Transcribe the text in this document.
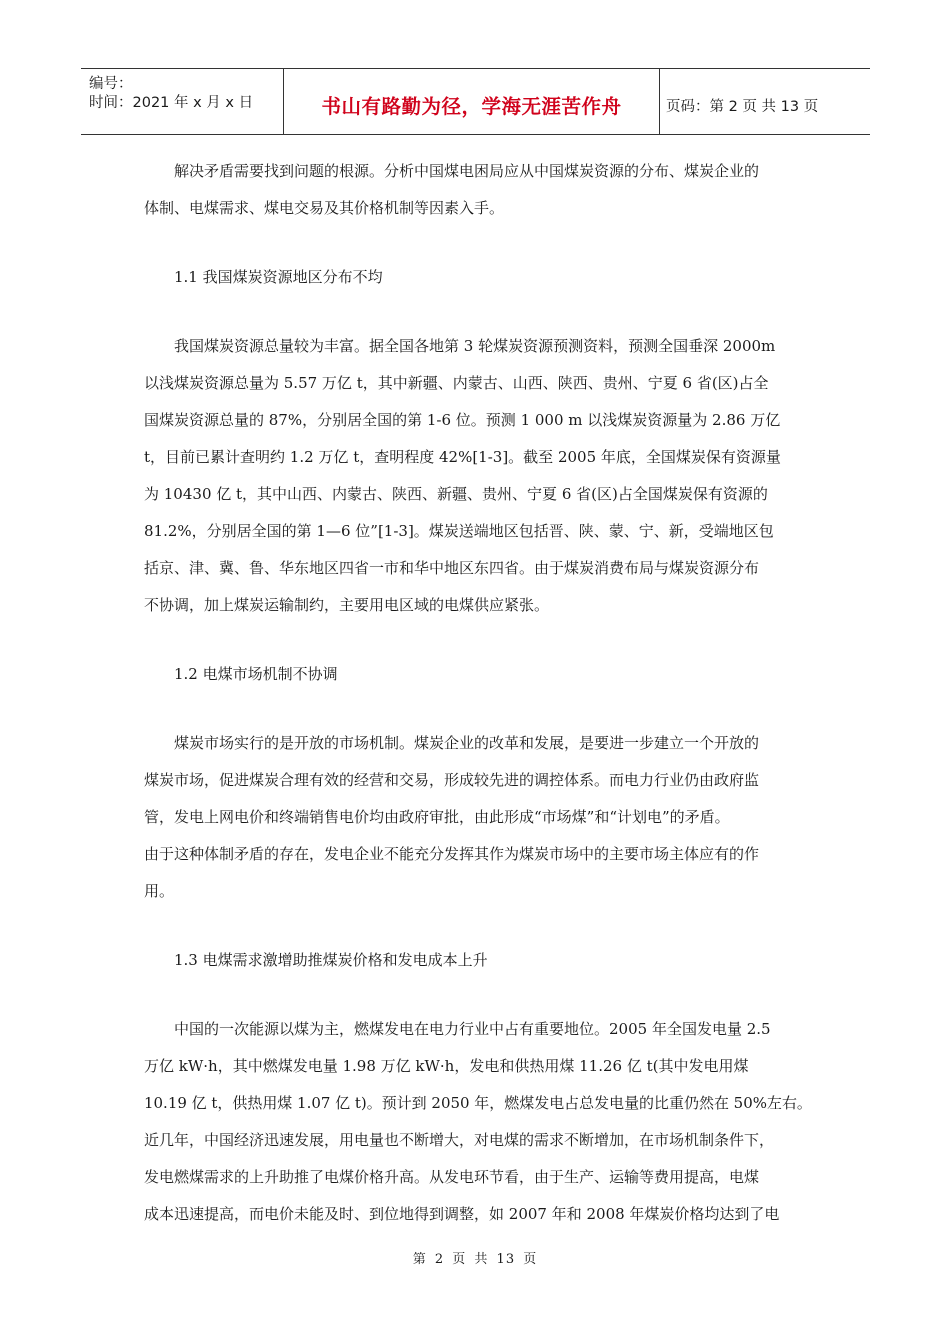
编号：
时间：2021 年 x 月 x 日	书山有路勤为径，学海无涯苦作舟	页码：第 2 页 共 13 页
解决矛盾需要找到问题的根源。分析中国煤电困局应从中国煤炭资源的分布、煤炭企业的
体制、电煤需求、煤电交易及其价格机制等因素入手。
1.1 我国煤炭资源地区分布不均
我国煤炭资源总量较为丰富。据全国各地第 3 轮煤炭资源预测资料，预测全国垂深 2000m
以浅煤炭资源总量为 5.57 万亿 t，其中新疆、内蒙古、山西、陕西、贵州、宁夏 6 省(区)占全
国煤炭资源总量的 87%，分别居全国的第 1-6 位。预测 1 000 m 以浅煤炭资源量为 2.86 万亿
t，目前已累计查明约 1.2 万亿 t，查明程度 42%[1-3]。截至 2005 年底，全国煤炭保有资源量
为 10430 亿 t，其中山西、内蒙古、陕西、新疆、贵州、宁夏 6 省(区)占全国煤炭保有资源的
81.2%，分别居全国的第 1—6 位”[1-3]。煤炭送端地区包括晋、陕、蒙、宁、新，受端地区包
括京、津、冀、鲁、华东地区四省一市和华中地区东四省。由于煤炭消费布局与煤炭资源分布
不协调，加上煤炭运输制约，主要用电区域的电煤供应紧张。
1.2 电煤市场机制不协调
煤炭市场实行的是开放的市场机制。煤炭企业的改革和发展，是要进一步建立一个开放的
煤炭市场，促进煤炭合理有效的经营和交易，形成较先进的调控体系。而电力行业仍由政府监
管，发电上网电价和终端销售电价均由政府审批，由此形成“市场煤”和“计划电”的矛盾。
由于这种体制矛盾的存在，发电企业不能充分发挥其作为煤炭市场中的主要市场主体应有的作
用。
1.3 电煤需求激增助推煤炭价格和发电成本上升
中国的一次能源以煤为主，燃煤发电在电力行业中占有重要地位。2005 年全国发电量 2.5
万亿 kW·h，其中燃煤发电量 1.98 万亿 kW·h，发电和供热用煤 11.26 亿 t(其中发电用煤
10.19 亿 t，供热用煤 1.07 亿 t)。预计到 2050 年，燃煤发电占总发电量的比重仍然在 50%左右。
近几年，中国经济迅速发展，用电量也不断增大，对电煤的需求不断增加，在市场机制条件下，
发电燃煤需求的上升助推了电煤价格升高。从发电环节看，由于生产、运输等费用提高，电煤
成本迅速提高，而电价未能及时、到位地得到调整，如 2007 年和 2008 年煤炭价格均达到了电
第 2 页 共 13 页
